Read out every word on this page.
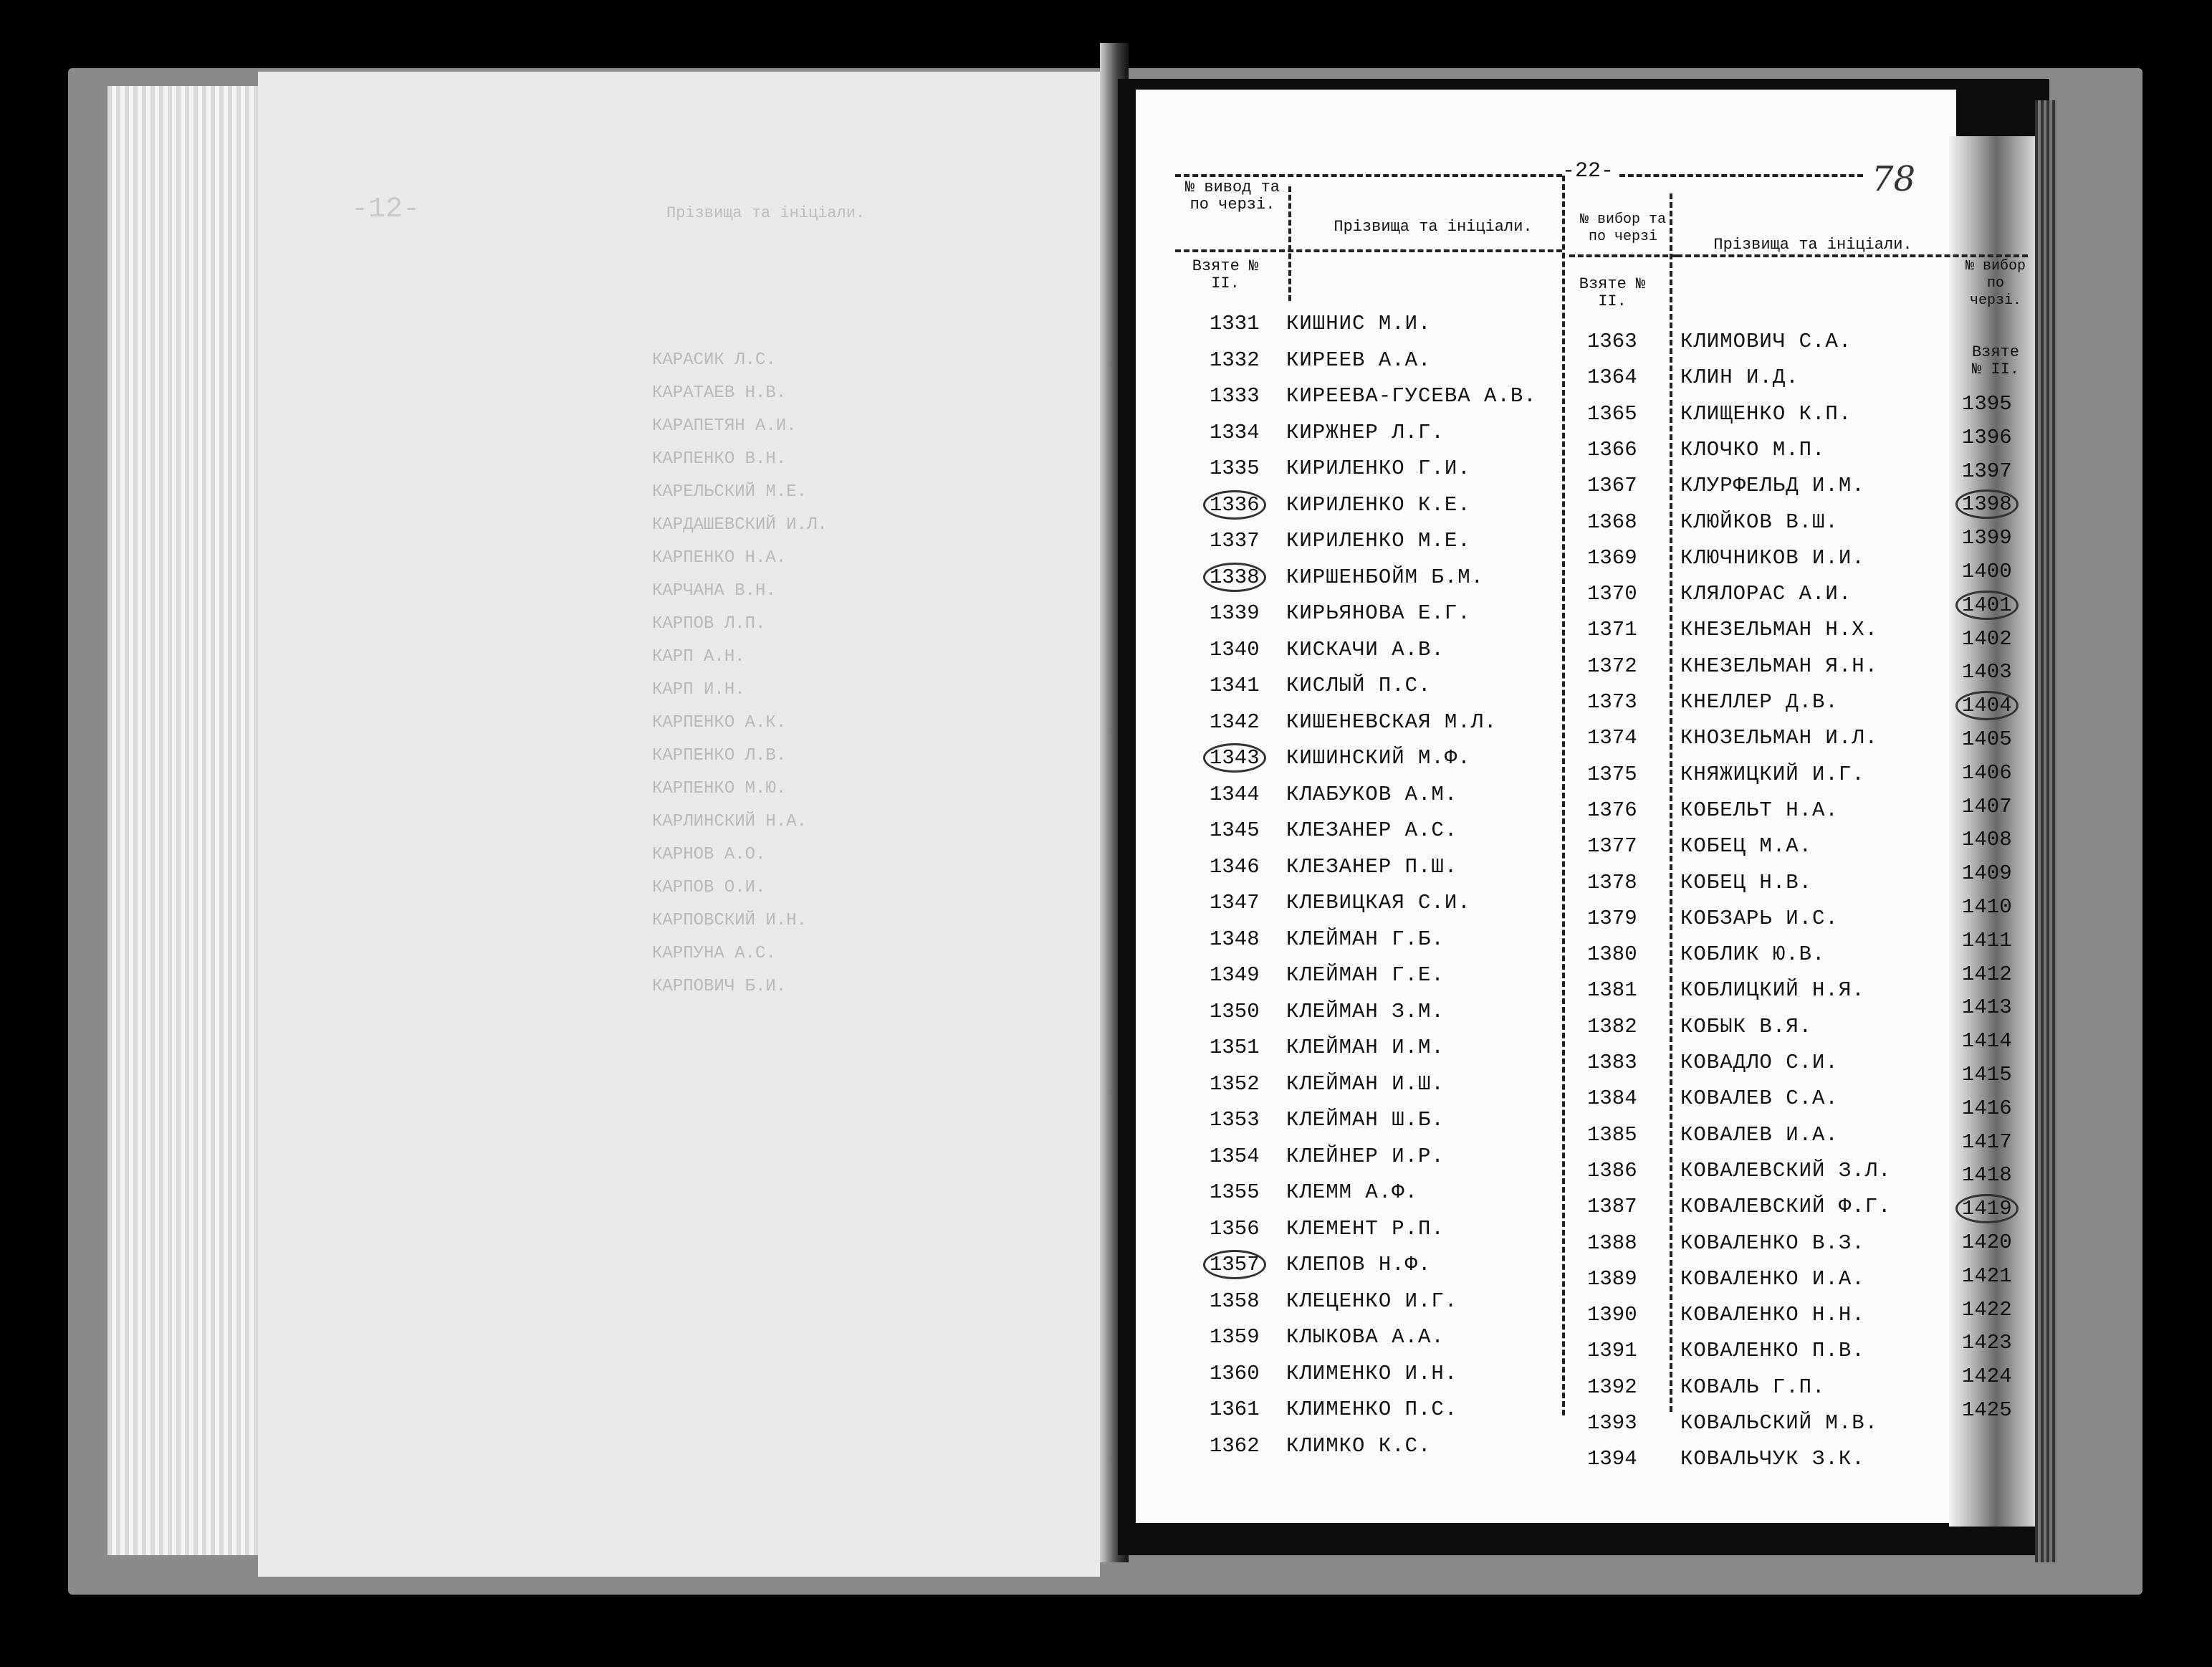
-12-	Прізвища та ініціали.
КАРАСИК Л.С.
КАРАТАЕВ Н.В.
КАРАПЕТЯН А.И.
КАРПЕНКО В.Н.
КАРЕЛЬСКИЙ М.Е.
КАРДАШЕВСКИЙ И.Л.
КАРПЕНКО Н.А.
КАРЧАНА В.Н.
КАРПОВ Л.П.
КАРП А.Н.
КАРП И.Н.
КАРПЕНКО А.К.
КАРПЕНКО Л.В.
КАРПЕНКО М.Ю.
КАРЛИНСКИЙ Н.А.
КАРНОВ А.О.
КАРПОВ О.И.
КАРПОВСКИЙ И.Н.
КАРПУНА А.С.
КАРПОВИЧ Б.И.
-22-	78
№ вивод та по черзі.
Взяте № II.
Прізвища та ініціали.	№ вибор та по черзі
Взяте № II.
Прізвища та ініціали.
№ вибор по черзі.
Взяте № II.
1331 КИШНИС М.И.
1332 КИРЕЕВ А.А.
1333 КИРЕЕВА-ГУСЕВА А.В.
1334 КИРЖНЕР Л.Г.
1335 КИРИЛЕНКО Г.И.
1336	КИРИЛЕНКО К.Е.
1337 КИРИЛЕНКО М.Е.
1338	КИРШЕНБОЙМ Б.М.
1339 КИРЬЯНОВА Е.Г.
1340 КИСКАЧИ А.В.
1341 КИСЛЫЙ П.С.
1342 КИШЕНЕВСКАЯ М.Л.
1343	КИШИНСКИЙ М.Ф.
1344 КЛАБУКОВ А.М.
1345 КЛЕЗАНЕР А.С.
1346 КЛЕЗАНЕР П.Ш.
1347 КЛЕВИЦКАЯ С.И.
1348 КЛЕЙМАН Г.Б.
1349 КЛЕЙМАН Г.Е.
1350 КЛЕЙМАН З.М.
1351 КЛЕЙМАН И.М.
1352 КЛЕЙМАН И.Ш.
1353 КЛЕЙМАН Ш.Б.
1354 КЛЕЙНЕР И.Р.
1355 КЛЕММ А.Ф.
1356 КЛЕМЕНТ Р.П.
1357	КЛЕПОВ Н.Ф.
1358 КЛЕЦЕНКО И.Г.
1359 КЛЫКОВА А.А.
1360 КЛИМЕНКО И.Н.
1361 КЛИМЕНКО П.С.
1362 КЛИМКО К.С.
1363 КЛИМОВИЧ С.А.
1364 КЛИН И.Д.
1365 КЛИЩЕНКО К.П.
1366 КЛОЧКО М.П.
1367 КЛУРФЕЛЬД И.М.
1368 КЛЮЙКОВ В.Ш.
1369 КЛЮЧНИКОВ И.И.
1370 КЛЯЛОРАС А.И.
1371 КНЕЗЕЛЬМАН Н.Х.
1372 КНЕЗЕЛЬМАН Я.Н.
1373 КНЕЛЛЕР Д.В.
1374 КНОЗЕЛЬМАН И.Л.
1375 КНЯЖИЦКИЙ И.Г.
1376 КОБЕЛЬТ Н.А.
1377 КОБЕЦ М.А.
1378 КОБЕЦ Н.В.
1379 КОБЗАРЬ И.С.
1380 КОБЛИК Ю.В.
1381 КОБЛИЦКИЙ Н.Я.
1382 КОБЫК В.Я.
1383 КОВАДЛО С.И.
1384 КОВАЛЕВ С.А.
1385 КОВАЛЕВ И.А.
1386 КОВАЛЕВСКИЙ З.Л.
1387 КОВАЛЕВСКИЙ Ф.Г.
1388 КОВАЛЕНКО В.З.
1389 КОВАЛЕНКО И.А.
1390 КОВАЛЕНКО Н.Н.
1391 КОВАЛЕНКО П.В.
1392 КОВАЛЬ Г.П.
1393 КОВАЛЬСКИЙ М.В.
1394 КОВАЛЬЧУК З.К.
1395
1396
1397
1398
1399
1400
1401
1402
1403
1404
1405
1406
1407
1408
1409
1410
1411
1412
1413
1414
1415
1416
1417
1418
1419
1420
1421
1422
1423
1424
1425
